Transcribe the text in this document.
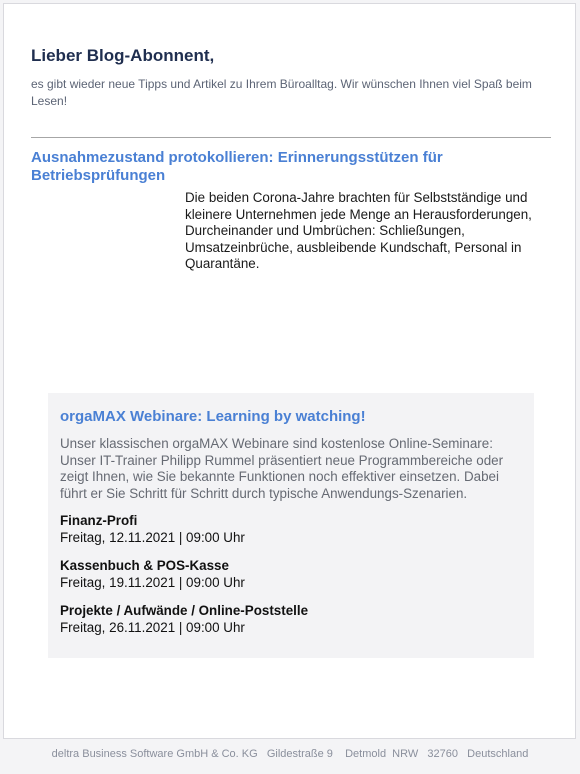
Lieber Blog-Abonnent,

es gibt wieder neue Tipps und Artikel zu Ihrem Büroalltag. Wir wünschen Ihnen viel Spaß beim Lesen!

Ausnahmezustand protokollieren: Erinnerungsstützen für Betriebsprüfungen

Die beiden Corona-Jahre brachten für Selbstständige und kleinere Unternehmen jede Menge an Herausforderungen, Durcheinander und Umbrüchen: Schließungen, Umsatzeinbrüche, ausbleibende Kundschaft, Personal in Quarantäne.

orgaMAX Webinare: Learning by watching!

Unser klassischen orgaMAX Webinare sind kostenlose Online-Seminare: Unser IT-Trainer Philipp Rummel präsentiert neue Programmbereiche oder zeigt Ihnen, wie Sie bekannte Funktionen noch effektiver einsetzen. Dabei führt er Sie Schritt für Schritt durch typische Anwendungs-Szenarien.

Finanz-Profi
Freitag, 12.11.2021 | 09:00 Uhr
Kassenbuch & POS-Kasse
Freitag, 19.11.2021 | 09:00 Uhr
Projekte / Aufwände / Online-Poststelle
Freitag, 26.11.2021 | 09:00 Uhr
deltra Business Software GmbH & Co. KG   Gildestraße 9    Detmold  NRW   32760   Deutschland
